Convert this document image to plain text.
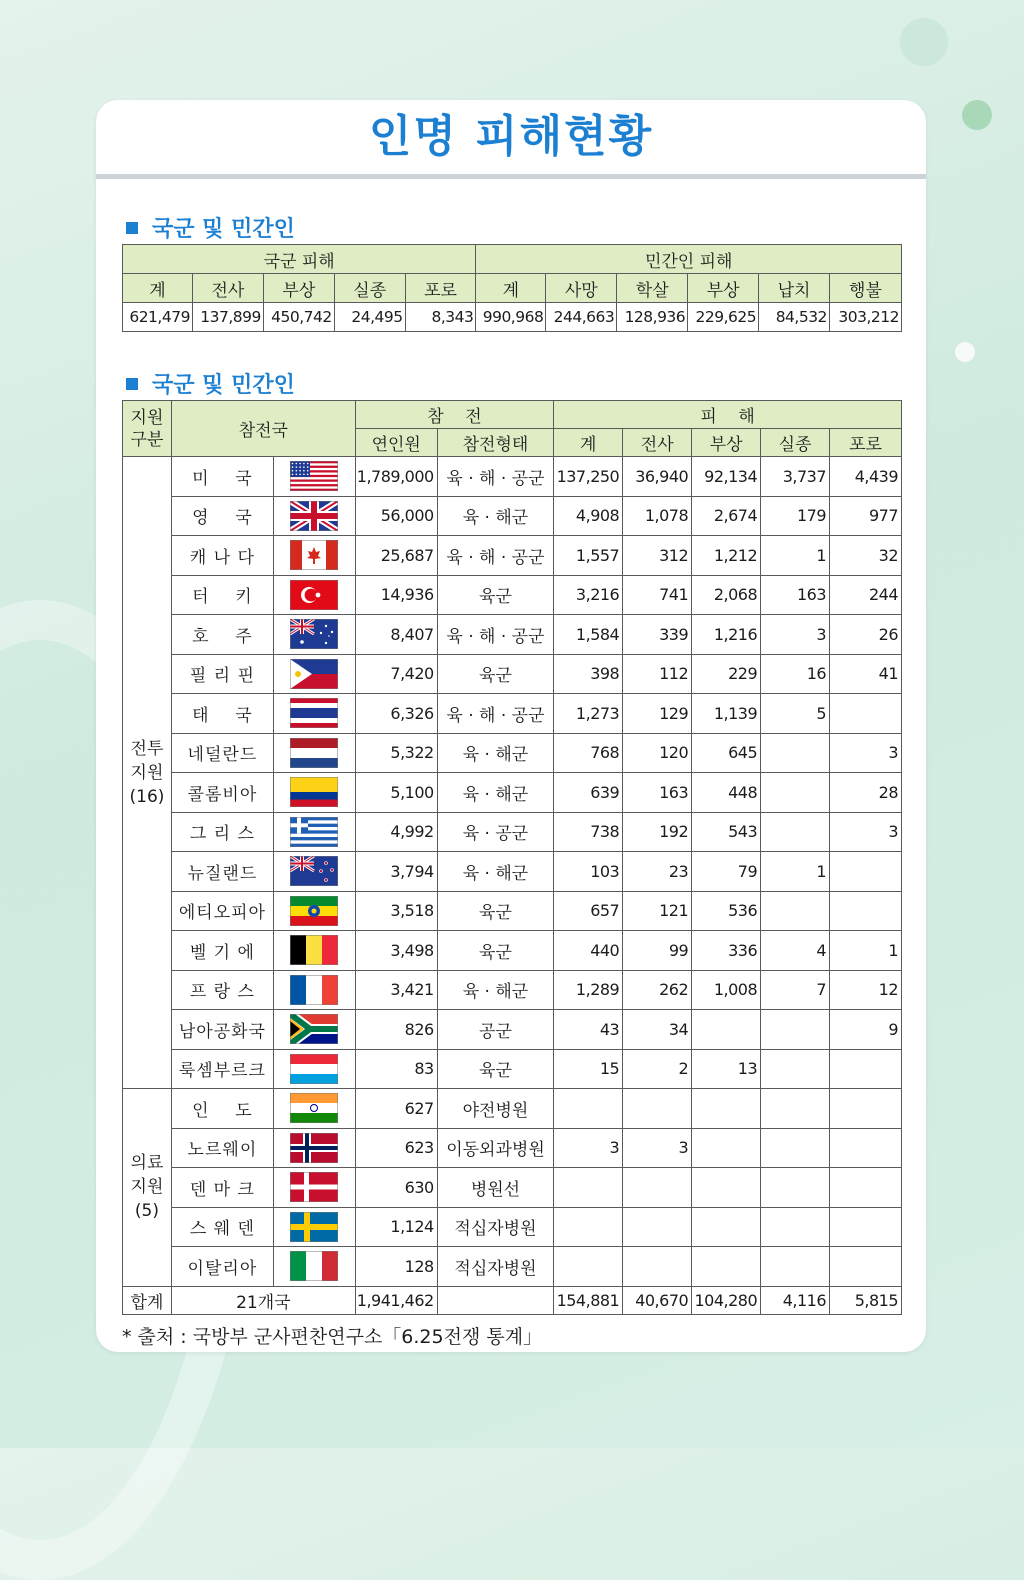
인명 피해현황
국군 및 민간인
국군 피해					민간인 피해					
계	전사	부상	실종	포로	계	사망	학살	부상	납치	행불
621,479	137,899	450,742	24,495	8,343	990,968	244,663	128,936	229,625	84,532	303,212
국군 및 민간인
지원
구분	참전국		참    전		피    해				
			연인원	참전형태	계	전사	부상	실종	포로
전투
지원
(16)	미    국		1,789,000	육 · 해 · 공군	137,250	36,940	92,134	3,737	4,439
	영    국		56,000	육 · 해군	4,908	1,078	2,674	179	977
	캐 나 다		25,687	육 · 해 · 공군	1,557	312	1,212	1	32
	터    키		14,936	육군	3,216	741	2,068	163	244
	호    주		8,407	육 · 해 · 공군	1,584	339	1,216	3	26
	필 리 핀		7,420	육군	398	112	229	16	41
	태    국		6,326	육 · 해 · 공군	1,273	129	1,139	5	
	네덜란드		5,322	육 · 해군	768	120	645		3
	콜롬비아		5,100	육 · 해군	639	163	448		28
	그 리 스		4,992	육 · 공군	738	192	543		3
	뉴질랜드		3,794	육 · 해군	103	23	79	1	
	에티오피아		3,518	육군	657	121	536		
	벨 기 에		3,498	육군	440	99	336	4	1
	프 랑 스		3,421	육 · 해군	1,289	262	1,008	7	12
	남아공화국		826	공군	43	34			9
	룩셈부르크		83	육군	15	2	13		
의료
지원
(5)	인    도		627	야전병원					
	노르웨이		623	이동외과병원	3	3			
	덴 마 크		630	병원선					
	스 웨 덴		1,124	적십자병원					
	이탈리아		128	적십자병원					
합계	21개국		1,941,462		154,881	40,670	104,280	4,116	5,815
* 출처 : 국방부 군사편찬연구소「6.25전쟁 통계」
